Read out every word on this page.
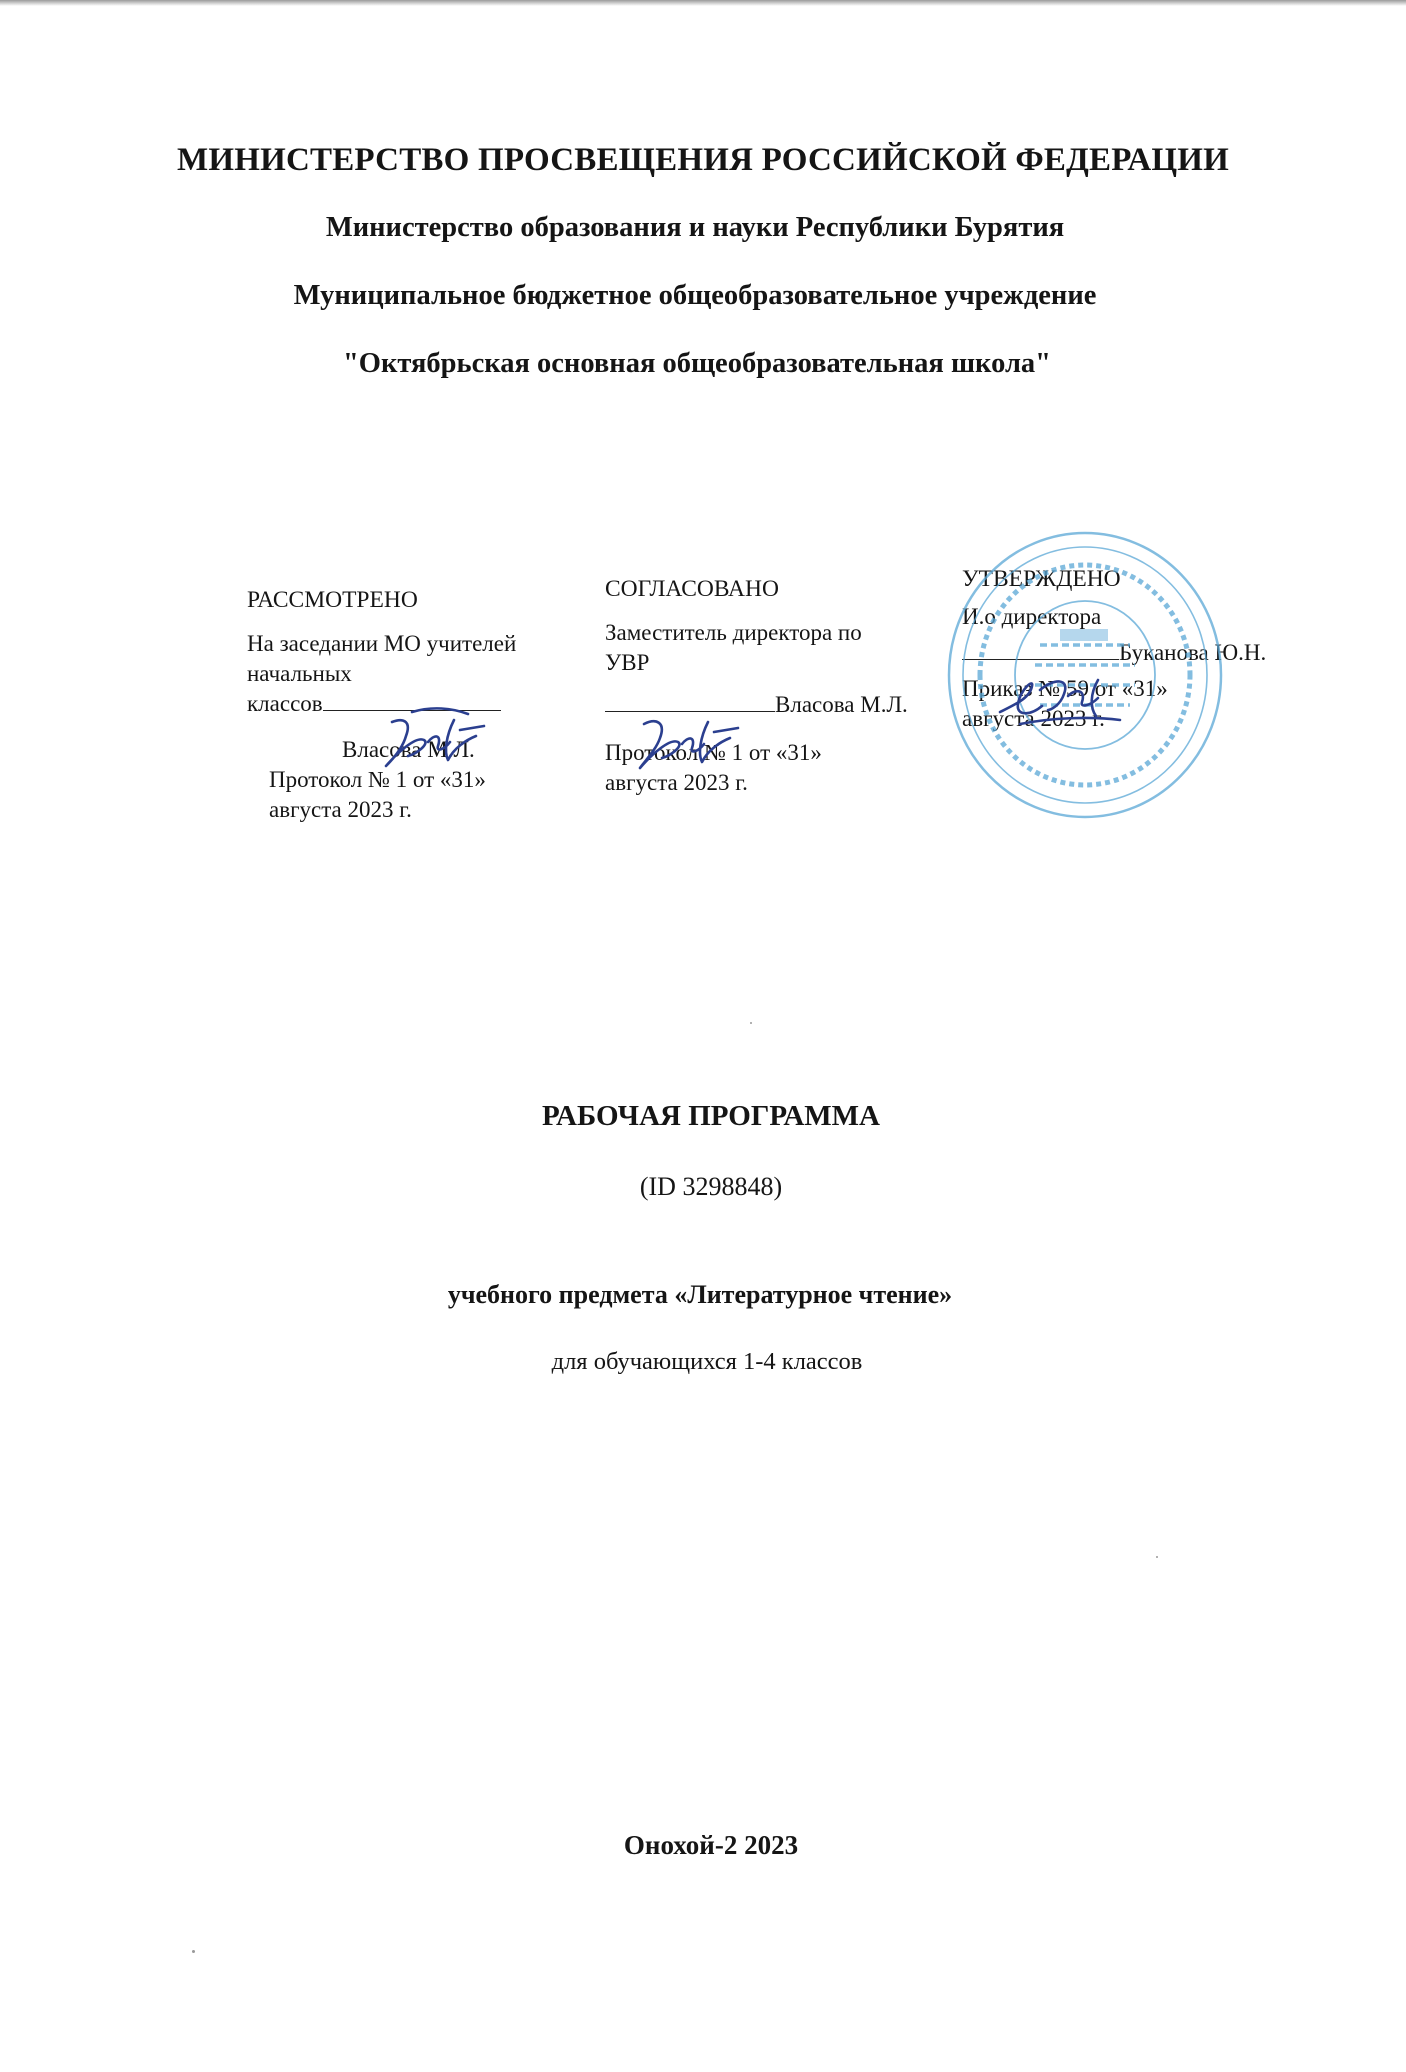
МИНИСТЕРСТВО ПРОСВЕЩЕНИЯ РОССИЙСКОЙ ФЕДЕРАЦИИ
Министерство образования и науки Республики Бурятия
Муниципальное бюджетное общеобразовательное учреждение
"Октябрьская основная общеобразовательная школа"
РАССМОТРЕНО
На заседании МО учителей
начальных
классов
Власова М.Л.
Протокол № 1 от «31»
августа 2023 г.
СОГЛАСОВАНО
Заместитель директора по
УВР
Власова М.Л.
Протокол № 1 от «31»
августа 2023 г.
УТВЕРЖДЕНО
И.о директора
Буканова Ю.Н.
Приказ № 59 от «31»
августа 2023 г.
РАБОЧАЯ ПРОГРАММА
(ID 3298848)
учебного предмета «Литературное чтение»
для обучающихся 1-4 классов
Онохой-2 2023
